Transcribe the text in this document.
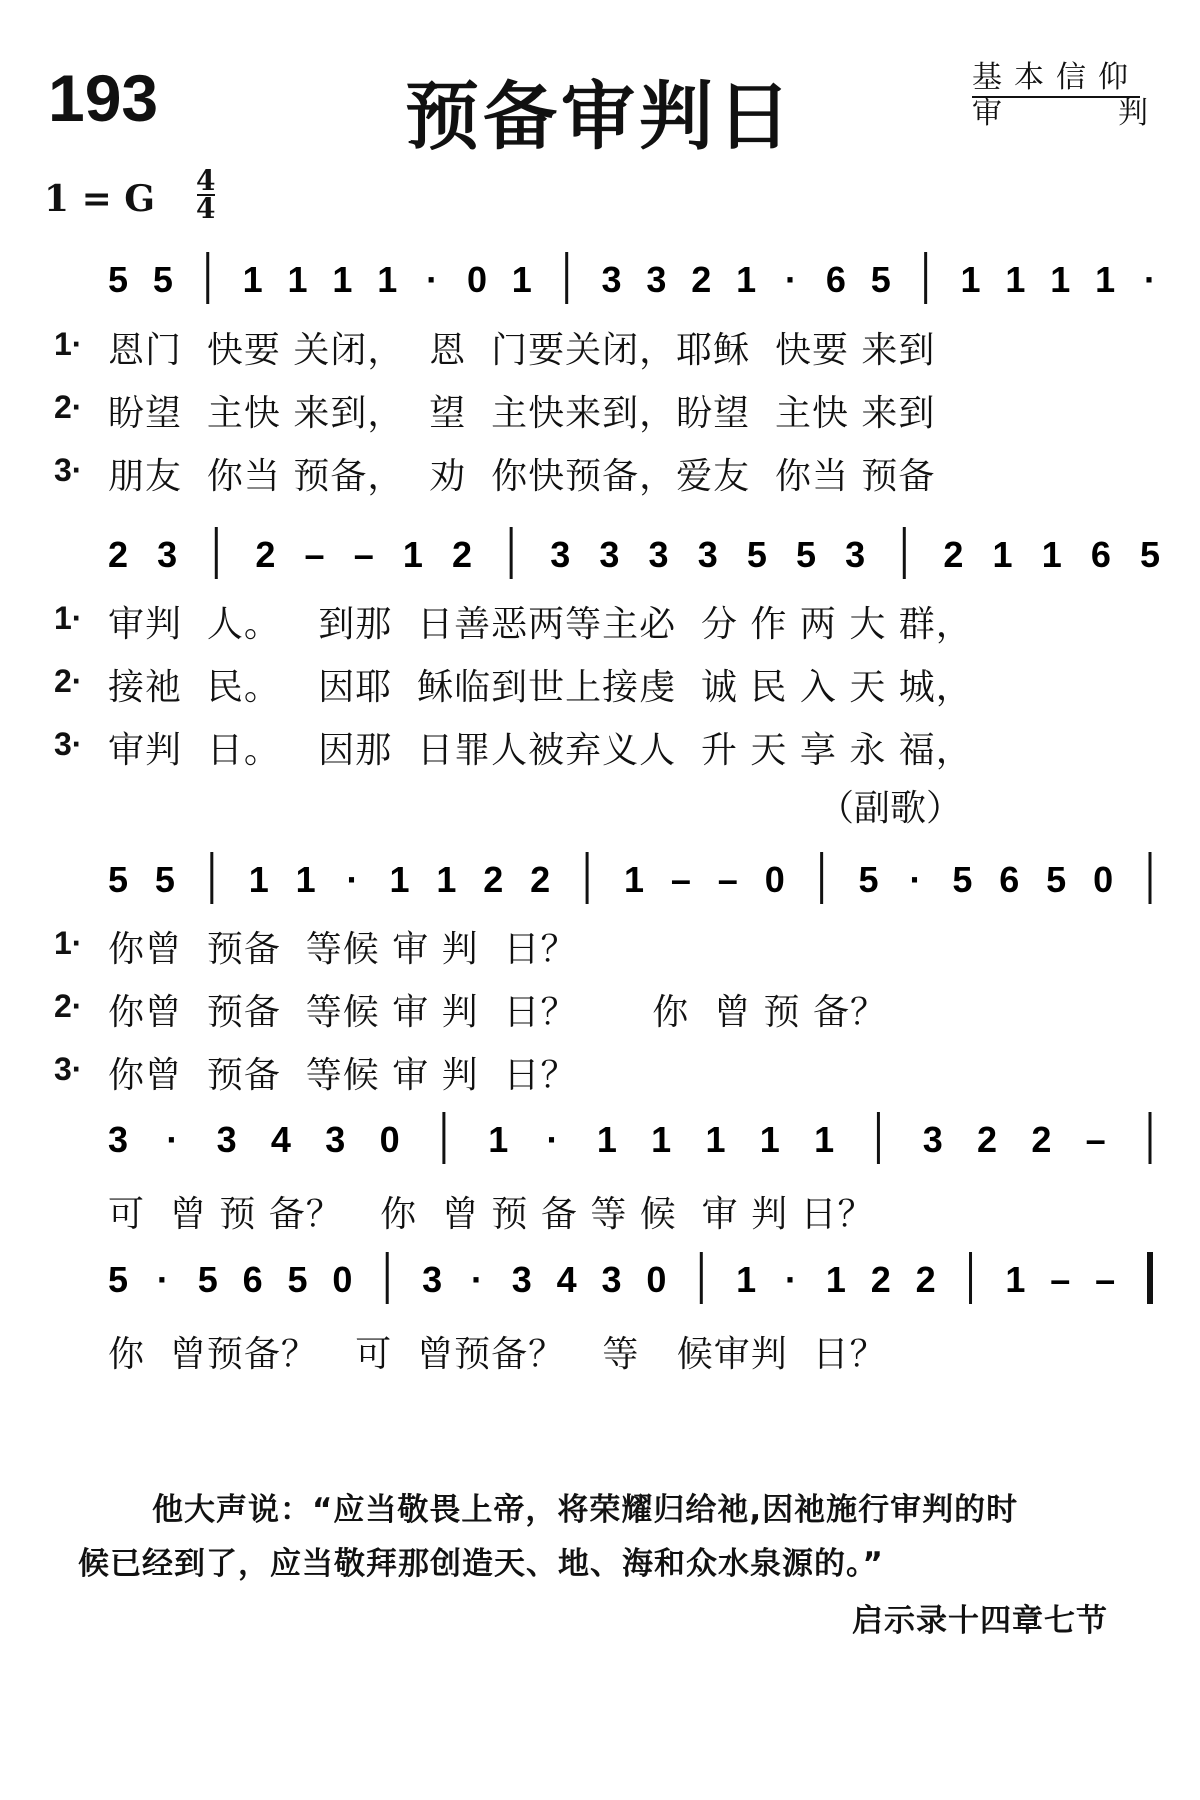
193	预备审判日	基本信仰
审	判
1 = G 4
4
5 5 1 1 1 1 · 0 1 3 3 2 1 · 6 5 1 1 1 1 ·
2 3 2 – – 1 2 3 3 3 3 5 5 3 2 1 1 6 5
5 5 1 1 · 1 1 2 2 1 – – 0 5 · 5 6 5 0
3 · 3 4 3 0 1 · 1 1 1 1 1 3 2 2 –
5 · 5 6 5 0 3 · 3 4 3 0 1 · 1 2 2 1 – –
1· 恩门  快要 关闭，  恩  门要关闭，耶稣  快要 来到
2· 盼望  主快 来到，  望  主快来到，盼望  主快 来到
3· 朋友  你当 预备，  劝  你快预备，爱友  你当 预备
1· 审判  人。   到那  日善恶两等主必  分 作 两 大 群，
2· 接祂  民。   因耶  稣临到世上接虔  诚 民 入 天 城，
3· 审判  日。   因那  日罪人被弃义人  升 天 享 永 福，
（副歌）
1· 你曾  预备  等候 审 判  日？
2· 你曾  预备  等候 审 判  日？      你  曾 预 备？
3· 你曾  预备  等候 审 判  日？
可  曾 预 备？   你  曾 预 备 等 候  审 判 日？
你  曾预备？   可  曾预备？   等   候审判  日？
他大声说：“应当敬畏上帝，将荣耀归给祂,因祂施行审判的时
候已经到了，应当敬拜那创造天、地、海和众水泉源的。”
启示录十四章七节
